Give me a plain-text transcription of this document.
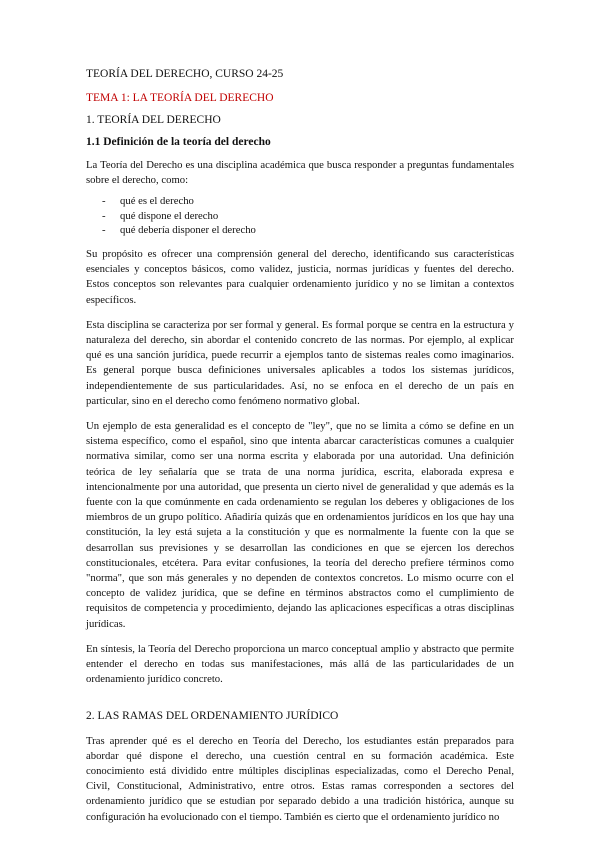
TEORÍA DEL DERECHO, CURSO 24-25
TEMA 1: LA TEORÍA DEL DERECHO
1. TEORÍA DEL DERECHO
1.1 Definición de la teoría del derecho

La Teoría del Derecho es una disciplina académica que busca responder a preguntas fundamentales sobre el derecho, como:

- qué es el derecho
- qué dispone el derecho
- qué debería disponer el derecho

Su propósito es ofrecer una comprensión general del derecho, identificando sus características esenciales y conceptos básicos, como validez, justicia, normas jurídicas y fuentes del derecho. Estos conceptos son relevantes para cualquier ordenamiento jurídico y no se limitan a contextos específicos.

Esta disciplina se caracteriza por ser formal y general. Es formal porque se centra en la estructura y naturaleza del derecho, sin abordar el contenido concreto de las normas. Por ejemplo, al explicar qué es una sanción jurídica, puede recurrir a ejemplos tanto de sistemas reales como imaginarios. Es general porque busca definiciones universales aplicables a todos los sistemas jurídicos, independientemente de sus particularidades. Así, no se enfoca en el derecho de un país en particular, sino en el derecho como fenómeno normativo global.

Un ejemplo de esta generalidad es el concepto de "ley", que no se limita a cómo se define en un sistema específico, como el español, sino que intenta abarcar características comunes a cualquier normativa similar, como ser una norma escrita y elaborada por una autoridad. Una definición teórica de ley señalaría que se trata de una norma jurídica, escrita, elaborada expresa e intencionalmente por una autoridad, que presenta un cierto nivel de generalidad y que además es la fuente con la que comúnmente en cada ordenamiento se regulan los deberes y obligaciones de los miembros de un grupo político. Añadiría quizás que en ordenamientos jurídicos en los que hay una constitución, la ley está sujeta a la constitución y que es normalmente la fuente con la que se desarrollan sus previsiones y se desarrollan las condiciones en que se ejercen los derechos constitucionales, etcétera. Para evitar confusiones, la teoría del derecho prefiere términos como "norma", que son más generales y no dependen de contextos concretos. Lo mismo ocurre con el concepto de validez jurídica, que se define en términos abstractos como el cumplimiento de requisitos de competencia y procedimiento, dejando las aplicaciones específicas a otras disciplinas jurídicas.

En síntesis, la Teoría del Derecho proporciona un marco conceptual amplio y abstracto que permite entender el derecho en todas sus manifestaciones, más allá de las particularidades de un ordenamiento jurídico concreto.

2. LAS RAMAS DEL ORDENAMIENTO JURÍDICO

Tras aprender qué es el derecho en Teoría del Derecho, los estudiantes están preparados para abordar qué dispone el derecho, una cuestión central en su formación académica. Este conocimiento está dividido entre múltiples disciplinas especializadas, como el Derecho Penal, Civil, Constitucional, Administrativo, entre otros. Estas ramas corresponden a sectores del ordenamiento jurídico que se estudian por separado debido a una tradición histórica, aunque su configuración ha evolucionado con el tiempo. También es cierto que el ordenamiento jurídico no
